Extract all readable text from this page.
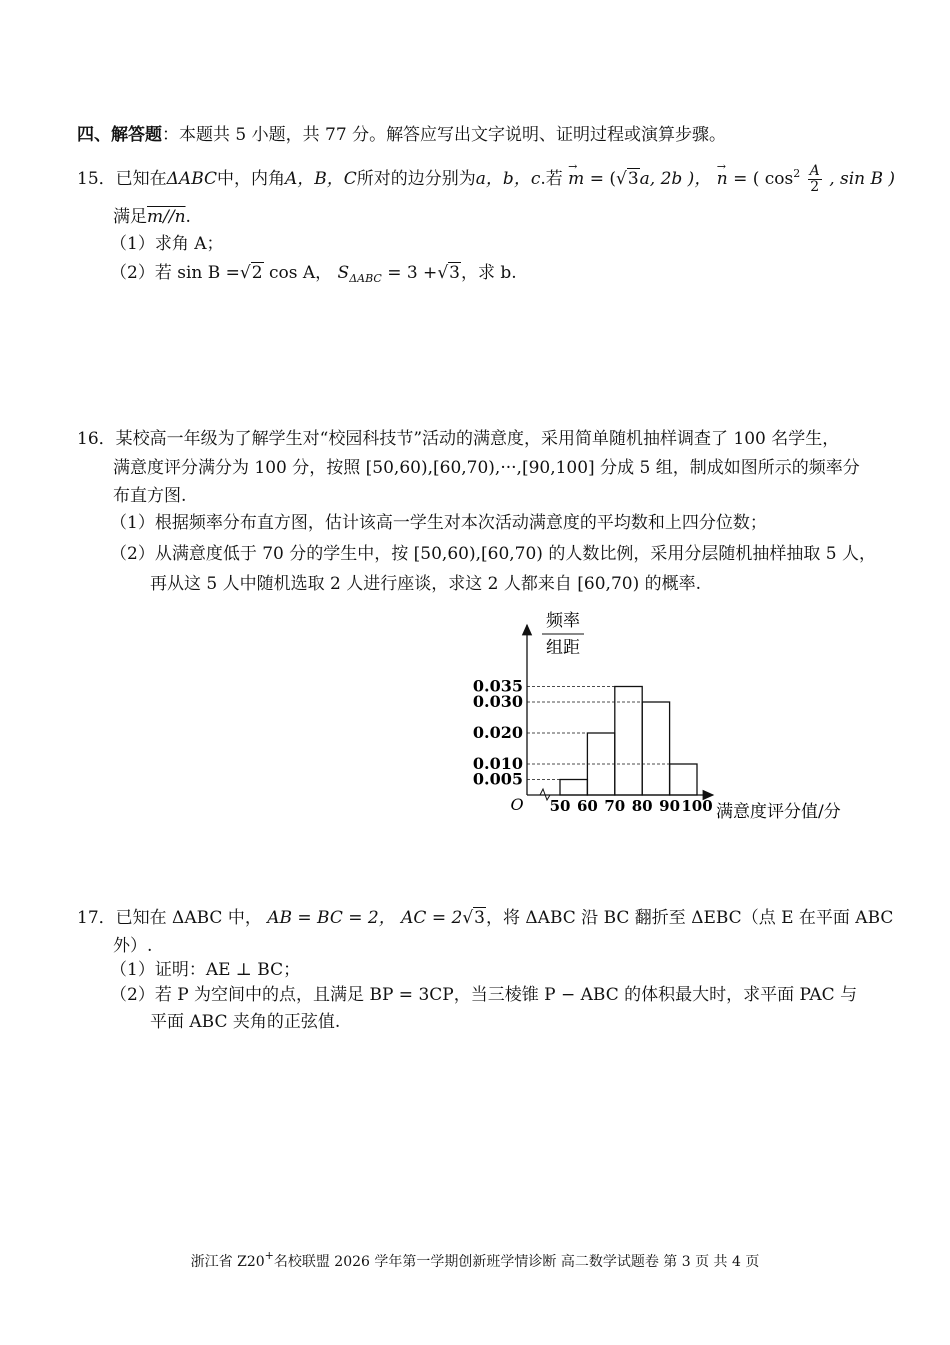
四、解答题：本题共 5 小题，共 77 分。解答应写出文字说明、证明过程或演算步骤。
15．已知在ΔABC中，内角A，B，C所对的边分别为a，b，c.若 → m = (√3a, 2b )， → n = ( $\cos^2 \frac{A}{2}$ , sin B )
满足m//n.
（1）求角 A；
（2）若 sin B =√2 cos A， $S_{\Delta ABC} = 3 +√3$，求 b.
16．某校高一年级为了解学生对“校园科技节”活动的满意度，采用简单随机抽样调查了 100 名学生，
满意度评分满分为 100 分，按照 [50,60),[60,70),···,[90,100] 分成 5 组，制成如图所示的频率分
布直方图.
（1）根据频率分布直方图，估计该高一学生对本次活动满意度的平均数和上四分位数；
（2）从满意度低于 70 分的学生中，按 [50,60),[60,70) 的人数比例，采用分层随机抽样抽取 5 人，
再从这 5 人中随机选取 2 人进行座谈，求这 2 人都来自 [60,70) 的概率.
频率
组距
O	满意度评分值/分
0.005
0.010
0.020
0.030
0.035
50 60 70 80 90 100
17．已知在 ΔABC 中， AB = BC = 2， AC = 2√3，将 ΔABC 沿 BC 翻折至 ΔEBC（点 E 在平面 ABC
外）.
（1）证明：AE ⊥ BC；
（2）若 P 为空间中的点，且满足 BP = 3CP，当三棱锥 P − ABC 的体积最大时，求平面 PAC 与
平面 ABC 夹角的正弦值.
浙江省 Z20+名校联盟 2026 学年第一学期创新班学情诊断 高二数学试题卷 第 3 页 共 4 页
